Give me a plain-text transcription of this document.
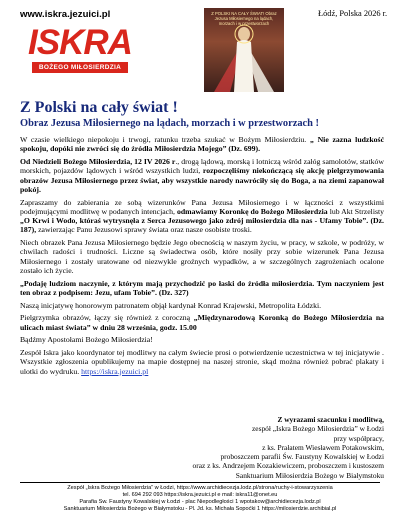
www.iskra.jezuici.pl
ISKRA
BOŻEGO MIŁOSIERDZIA
Z POLSKI NA CAŁY ŚWIAT! Obraz Jezusa Miłosiernego na lądach, morzach i w przestworzach
Łódź, Polska 2026 r.
Z Polski na cały świat !
Obraz Jezusa Miłosiernego na lądach, morzach i w przestworzach !

W czasie wielkiego niepokoju i trwogi, ratunku trzeba szukać w Bożym Miłosierdziu. „ Nie zazna ludzkość spokoju, dopóki nie zwróci się do źródła Miłosierdzia Mojego” (Dz. 699).

Od Niedzieli Bożego Miłosierdzia, 12 IV 2026 r., drogą lądową, morską i lotniczą wśród załóg samolotów, statków morskich, pojazdów lądowych i wśród wszystkich ludzi, rozpoczęliśmy niekończącą się akcję pielgrzymowania obrazów Jezusa Miłosiernego przez świat, aby wszystkie narody nawróciły się do Boga, a na ziemi zapanował pokój.

Zapraszamy do zabierania ze sobą wizerunków Pana Jezusa Miłosiernego i w łączności z wszystkimi podejmującymi modlitwę w podanych intencjach, odmawiamy Koronkę do Bożego Miłosierdzia lub Akt Strzelisty „O Krwi i Wodo, któraś wytrysnęła z Serca Jezusowego jako zdrój miłosierdzia dla nas - Ufamy Tobie”. (Dz. 187), zawierzając Panu Jezusowi sprawy świata oraz nasze osobiste troski.

Niech obrazek Pana Jezusa Miłosiernego będzie Jego obecnością w naszym życiu, w pracy, w szkole, w podróży, w chwilach radości i trudności. Liczne są świadectwa osób, które nosiły przy sobie wizerunek Pana Jezusa Miłosiernego i zostały uratowane od niezwykle groźnych wypadków, a w szczególnych zagrożeniach ocalone zostało ich życie.

„Podaję ludziom naczynie, z którym mają przychodzić po łaski do źródła miłosierdzia. Tym naczyniem jest ten obraz z podpisem: Jezu, ufam Tobie”. (Dz. 327)

Naszą inicjatywę honorowym patronatem objął kardynał Konrad Krajewski, Metropolita Łódzki.

Pielgrzymka obrazów, łączy się również z coroczną „Międzynarodową Koronką do Bożego Miłosierdzia na ulicach miast świata” w dniu 28 września, godz. 15.00

Bądźmy Apostołami Bożego Miłosierdzia!

Zespół Iskra jako koordynator tej modlitwy na całym świecie prosi o potwierdzenie uczestnictwa w tej inicjatywie . Wszystkie zgłoszenia opublikujemy na mapie dostępnej na naszej stronie, skąd można również pobrać plakaty i ulotki do wydruku. https://iskra.jezuici.pl

Z wyrazami szacunku i modlitwą,

zespół „Iskra Bożego Miłosierdzia” w Łodzi

przy współpracy,

z ks. Prałatem Wiesławem Potakowskim,

proboszczem parafii Św. Faustyny Kowalskiej w Łodzi

oraz z ks. Andrzejem Kozakiewiczem, proboszczem i kustoszem

Sanktuarium Miłosierdzia Bożego w Białymstoku

Zespół „Iskra Bożego Miłosierdzia” w Łodzi, https://www.archidiecezja.lodz.pl/strona/ruchy-i-stowarzyszenia

tel. 694 292 093 https://iskra.jezuici.pl e mail: iskra11@onet.eu

Parafia Św. Faustyny Kowalskiej w Łodzi - plac Niepodległości 1 wpotakow@archidiecezja.lodz.pl

Sanktuarium Miłosierdzia Bożego w Białymstoku - Pl. Jd. ks. Michała Sopoćki 1 https://milosierdzie.archibial.pl
